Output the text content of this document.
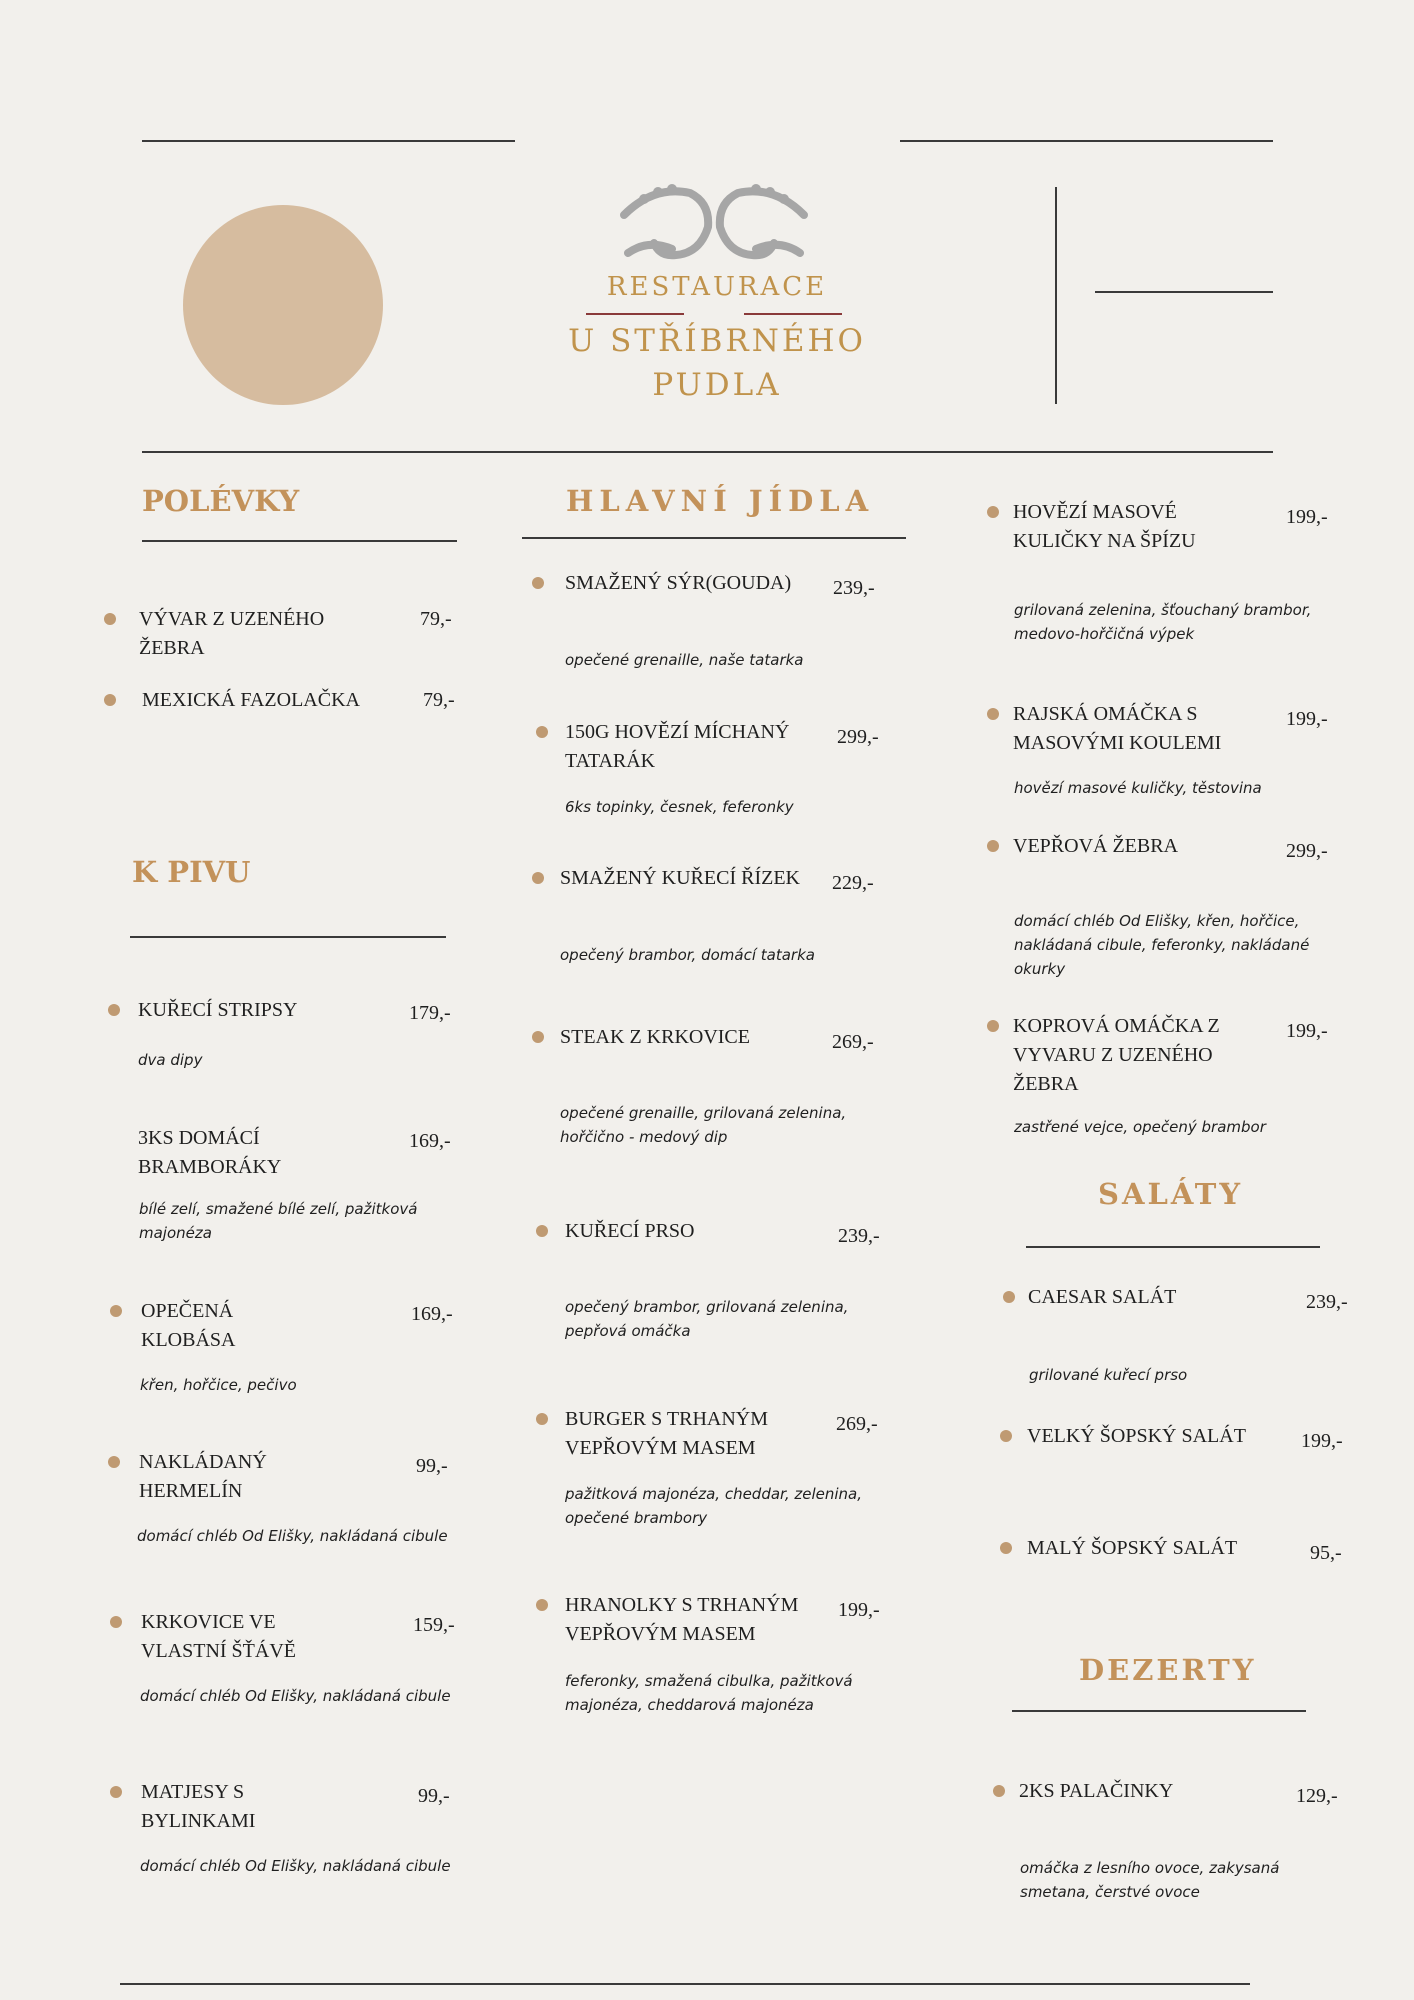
RESTAURACE
U STŘÍBRNÉHO
PUDLA
POLÉVKY
VÝVAR Z UZENÉHO ŽEBRA
79,-
MEXICKÁ FAZOLAČKA	79,-
K PIVU
KUŘECÍ STRIPSY	179,-
dva dipy
3KS DOMÁCÍ BRAMBORÁKY
169,-
bílé zelí, smažené bílé zelí, pažitková majonéza
OPEČENÁ KLOBÁSA
169,-
křen, hořčice, pečivo
NAKLÁDANÝ HERMELÍN
99,-
domácí chléb Od Elišky, nakládaná cibule
KRKOVICE VE VLASTNÍ ŠŤÁVĚ
159,-
domácí chléb Od Elišky, nakládaná cibule
MATJESY S BYLINKAMI
99,-
domácí chléb Od Elišky, nakládaná cibule
HLAVNÍ JÍDLA
SMAŽENÝ SÝR(GOUDA)	239,-
opečené grenaille, naše tatarka
150G HOVĚZÍ MÍCHANÝ TATARÁK
299,-
6ks topinky, česnek, feferonky
SMAŽENÝ KUŘECÍ ŘÍZEK	229,-
opečený brambor, domácí tatarka
STEAK Z KRKOVICE	269,-
opečené grenaille, grilovaná zelenina, hořčično - medový dip
KUŘECÍ PRSO	239,-
opečený brambor, grilovaná zelenina, pepřová omáčka
BURGER S TRHANÝM VEPŘOVÝM MASEM
269,-
pažitková majonéza, cheddar, zelenina, opečené brambory
HRANOLKY S TRHANÝM VEPŘOVÝM MASEM
199,-
feferonky, smažená cibulka, pažitková majonéza, cheddarová majonéza
HOVĚZÍ MASOVÉ KULIČKY NA ŠPÍZU
199,-
grilovaná zelenina, šťouchaný brambor, medovo-hořčičná výpek
RAJSKÁ OMÁČKA S MASOVÝMI KOULEMI
199,-
hovězí masové kuličky, těstovina
VEPŘOVÁ ŽEBRA	299,-
domácí chléb Od Elišky, křen, hořčice, nakládaná cibule, feferonky, nakládané okurky
KOPROVÁ OMÁČKA Z VYVARU Z UZENÉHO ŽEBRA
199,-
zastřené vejce, opečený brambor
SALÁTY
CAESAR SALÁT	239,-
grilované kuřecí prso
VELKÝ ŠOPSKÝ SALÁT	199,-
MALÝ ŠOPSKÝ SALÁT	95,-
DEZERTY
2KS PALAČINKY	129,-
omáčka z lesního ovoce, zakysaná smetana, čerstvé ovoce
